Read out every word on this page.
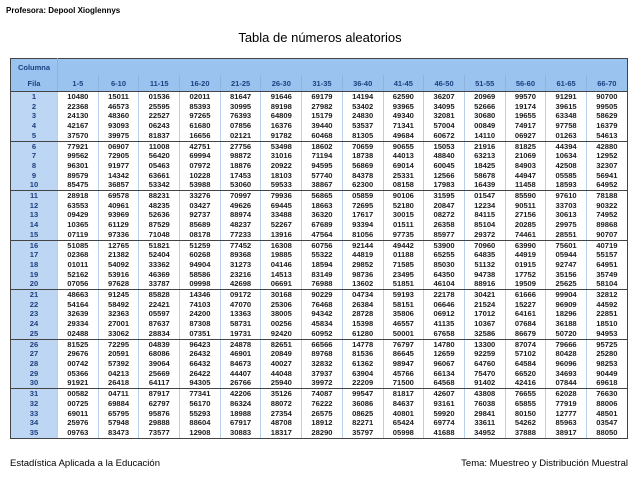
Profesora: Depool Xioglennys
Tabla de números aleatorios
Columna														
Fila	1-5	6-10	11-15	16-20	21-25	26-30	31-35	36-40	41-45	46-50	51-55	56-60	61-65	66-70
1	10480	15011	01536	02011	81647	91646	69179	14194	62590	36207	20969	99570	91291	90700
2	22368	46573	25595	85393	30995	89198	27982	53402	93965	34095	52666	19174	39615	99505
3	24130	48360	22527	97265	76393	64809	15179	24830	49340	32081	30680	19655	63348	58629
4	42167	93093	06243	61680	07856	16376	39440	53537	71341	57004	00849	74917	97758	16379
5	37570	39975	81837	16656	02121	91782	60468	81305	49684	60672	14110	06927	01263	54613
6	77921	06907	11008	42751	27756	53498	18602	70659	90655	15053	21916	81825	44394	42880
7	99562	72905	56420	69994	98872	31016	71194	18738	44013	48840	63213	21069	10634	12952
8	96301	91977	05463	07972	18876	20922	94595	56869	69014	60045	18425	84903	42508	32307
9	89579	14342	63661	10228	17453	18103	57740	84378	25331	12566	58678	44947	05585	56941
10	85475	36857	53342	53988	53060	59533	38867	62300	08158	17983	16439	11458	18593	64952
11	28918	69578	88231	33276	70997	79936	56865	05859	90106	31595	01547	85590	97610	78188
12	63553	40961	48235	03427	49626	69445	18663	72695	52180	20847	12234	90511	33703	90322
13	09429	93969	52636	92737	88974	33488	36320	17617	30015	08272	84115	27156	30613	74952
14	10365	61129	87529	85689	48237	52267	67689	93394	01511	26358	85104	20285	29975	89868
15	07119	97336	71048	08178	77233	13916	47564	81056	97735	85977	29372	74461	28551	90707
16	51085	12765	51821	51259	77452	16308	60756	92144	49442	53900	70960	63990	75601	40719
17	02368	21382	52404	60268	89368	19885	55322	44819	01188	65255	64835	44919	05944	55157
18	01011	54092	33362	94904	31273	04146	18594	29852	71585	85030	51132	01915	92747	64951
19	52162	53916	46369	58586	23216	14513	83149	98736	23495	64350	94738	17752	35156	35749
20	07056	97628	33787	09998	42698	06691	76988	13602	51851	46104	88916	19509	25625	58104
21	48663	91245	85828	14346	09172	30168	90229	04734	59193	22178	30421	61666	99904	32812
22	54164	58492	22421	74103	47070	25306	76468	26384	58151	06646	21524	15227	96909	44592
23	32639	32363	05597	24200	13363	38005	94342	28728	35806	06912	17012	64161	18296	22851
24	29334	27001	87637	87308	58731	00256	45834	15398	46557	41135	10367	07684	36188	18510
25	02488	33062	28834	07351	19731	92420	60952	61280	50001	67658	32586	86679	50720	94953
26	81525	72295	04839	96423	24878	82651	66566	14778	76797	14780	13300	87074	79666	95725
27	29676	20591	68086	26432	46901	20849	89768	81536	86645	12659	92259	57102	80428	25280
28	00742	57392	39064	66432	84673	40027	32832	61362	98947	96067	64760	64584	96096	98253
29	05366	04213	25669	26422	44407	44048	37937	63904	45766	66134	75470	66520	34693	90449
30	91921	26418	64117	94305	26766	25940	39972	22209	71500	64568	91402	42416	07844	69618
31	00582	04711	87917	77341	42206	35126	74087	99547	81817	42607	43808	76655	62028	76630
32	00725	69884	62797	56170	86324	88072	76222	36086	84637	93161	76038	65855	77919	88006
33	69011	65795	95876	55293	18988	27354	26575	08625	40801	59920	29841	80150	12777	48501
34	25976	57948	29888	88604	67917	48708	18912	82271	65424	69774	33611	54262	85963	03547
35	09763	83473	73577	12908	30883	18317	28290	35797	05998	41688	34952	37888	38917	88050
Estadística Aplicada a la Educación	Tema: Muestreo y Distribución Muestral
